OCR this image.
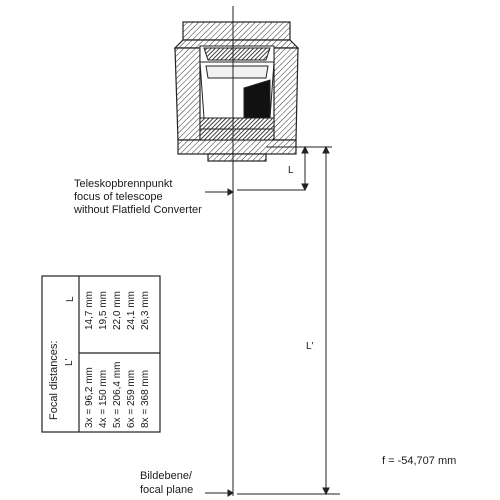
Teleskopbrennpunkt
focus of telescope
without Flatfield Converter
Bildebene/
focal plane
f = -54,707 mm
L
L'
Focal distances: L'
L
3x = 96,2 mm 4x = 150 mm 5x = 206,4 mm 6x = 259 mm 8x = 368 mm
14,7 mm 19,5 mm 22,0 mm 24,1 mm 26,3 mm
